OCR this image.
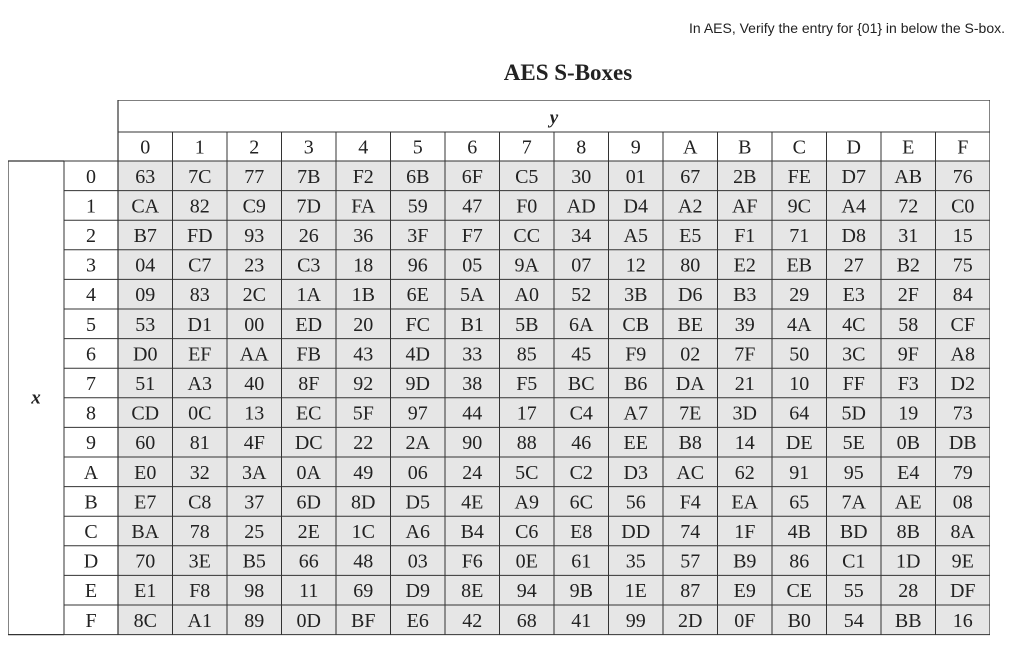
In AES, Verify the entry for {01} in below the S-box.
AES S-Boxes
y
0 1 2 3 4 5 6 7 8 9 A B C D E F
0 63 7C 77 7B F2 6B 6F C5 30 01 67 2B FE D7 AB 76
1 CA 82 C9 7D FA 59 47 F0 AD D4 A2 AF 9C A4 72 C0
2 B7 FD 93 26 36 3F F7 CC 34 A5 E5 F1 71 D8 31 15
3 04 C7 23 C3 18 96 05 9A 07 12 80 E2 EB 27 B2 75
4 09 83 2C 1A 1B 6E 5A A0 52 3B D6 B3 29 E3 2F 84
5 53 D1 00 ED 20 FC B1 5B 6A CB BE 39 4A 4C 58 CF
6 D0 EF AA FB 43 4D 33 85 45 F9 02 7F 50 3C 9F A8
7 51 A3 40 8F 92 9D 38 F5 BC B6 DA 21 10 FF F3 D2
8 CD 0C 13 EC 5F 97 44 17 C4 A7 7E 3D 64 5D 19 73
9 60 81 4F DC 22 2A 90 88 46 EE B8 14 DE 5E 0B DB
A E0 32 3A 0A 49 06 24 5C C2 D3 AC 62 91 95 E4 79
B E7 C8 37 6D 8D D5 4E A9 6C 56 F4 EA 65 7A AE 08
C BA 78 25 2E 1C A6 B4 C6 E8 DD 74 1F 4B BD 8B 8A
D 70 3E B5 66 48 03 F6 0E 61 35 57 B9 86 C1 1D 9E
E E1 F8 98 11 69 D9 8E 94 9B 1E 87 E9 CE 55 28 DF
F 8C A1 89 0D BF E6 42 68 41 99 2D 0F B0 54 BB 16
x
